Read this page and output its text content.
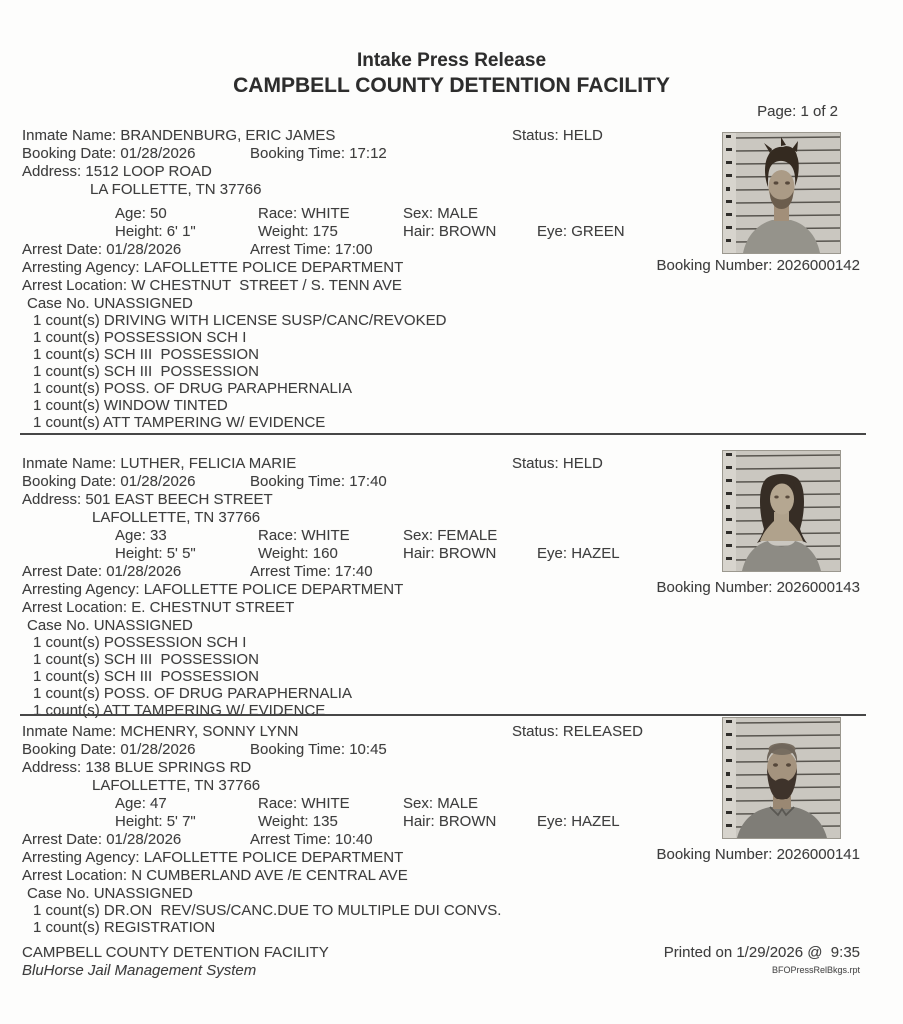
Intake Press Release
CAMPBELL COUNTY DETENTION FACILITY
Page: 1 of 2
Inmate Name: BRANDENBURG, ERIC JAMES	Status: HELD
Booking Date: 01/28/2026	Booking Time: 17:12
Address: 1512 LOOP ROAD
LA FOLLETTE, TN 37766
Age: 50	Race: WHITE	Sex: MALE
Height: 6' 1"	Weight: 175	Hair: BROWN	Eye: GREEN
Arrest Date: 01/28/2026	Arrest Time: 17:00
Arresting Agency: LAFOLLETTE POLICE DEPARTMENT
Arrest Location: W CHESTNUT  STREET / S. TENN AVE
Case No. UNASSIGNED
1 count(s) DRIVING WITH LICENSE SUSP/CANC/REVOKED
1 count(s) POSSESSION SCH I
1 count(s) SCH III  POSSESSION
1 count(s) SCH III  POSSESSION
1 count(s) POSS. OF DRUG PARAPHERNALIA
1 count(s) WINDOW TINTED
1 count(s) ATT TAMPERING W/ EVIDENCE
Booking Number: 2026000142
Inmate Name: LUTHER, FELICIA MARIE	Status: HELD
Booking Date: 01/28/2026	Booking Time: 17:40
Address: 501 EAST BEECH STREET
LAFOLLETTE, TN 37766
Age: 33	Race: WHITE	Sex: FEMALE
Height: 5' 5"	Weight: 160	Hair: BROWN	Eye: HAZEL
Arrest Date: 01/28/2026	Arrest Time: 17:40
Arresting Agency: LAFOLLETTE POLICE DEPARTMENT
Arrest Location: E. CHESTNUT STREET
Case No. UNASSIGNED
1 count(s) POSSESSION SCH I
1 count(s) SCH III  POSSESSION
1 count(s) SCH III  POSSESSION
1 count(s) POSS. OF DRUG PARAPHERNALIA
1 count(s) ATT TAMPERING W/ EVIDENCE
Booking Number: 2026000143
Inmate Name: MCHENRY, SONNY LYNN	Status: RELEASED
Booking Date: 01/28/2026	Booking Time: 10:45
Address: 138 BLUE SPRINGS RD
LAFOLLETTE, TN 37766
Age: 47	Race: WHITE	Sex: MALE
Height: 5' 7"	Weight: 135	Hair: BROWN	Eye: HAZEL
Arrest Date: 01/28/2026	Arrest Time: 10:40
Arresting Agency: LAFOLLETTE POLICE DEPARTMENT
Arrest Location: N CUMBERLAND AVE /E CENTRAL AVE
Case No. UNASSIGNED
1 count(s) DR.ON  REV/SUS/CANC.DUE TO MULTIPLE DUI CONVS.
1 count(s) REGISTRATION
Booking Number: 2026000141
CAMPBELL COUNTY DETENTION FACILITY
BluHorse Jail Management System
Printed on 1/29/2026 @  9:35
BFOPressRelBkgs.rpt
